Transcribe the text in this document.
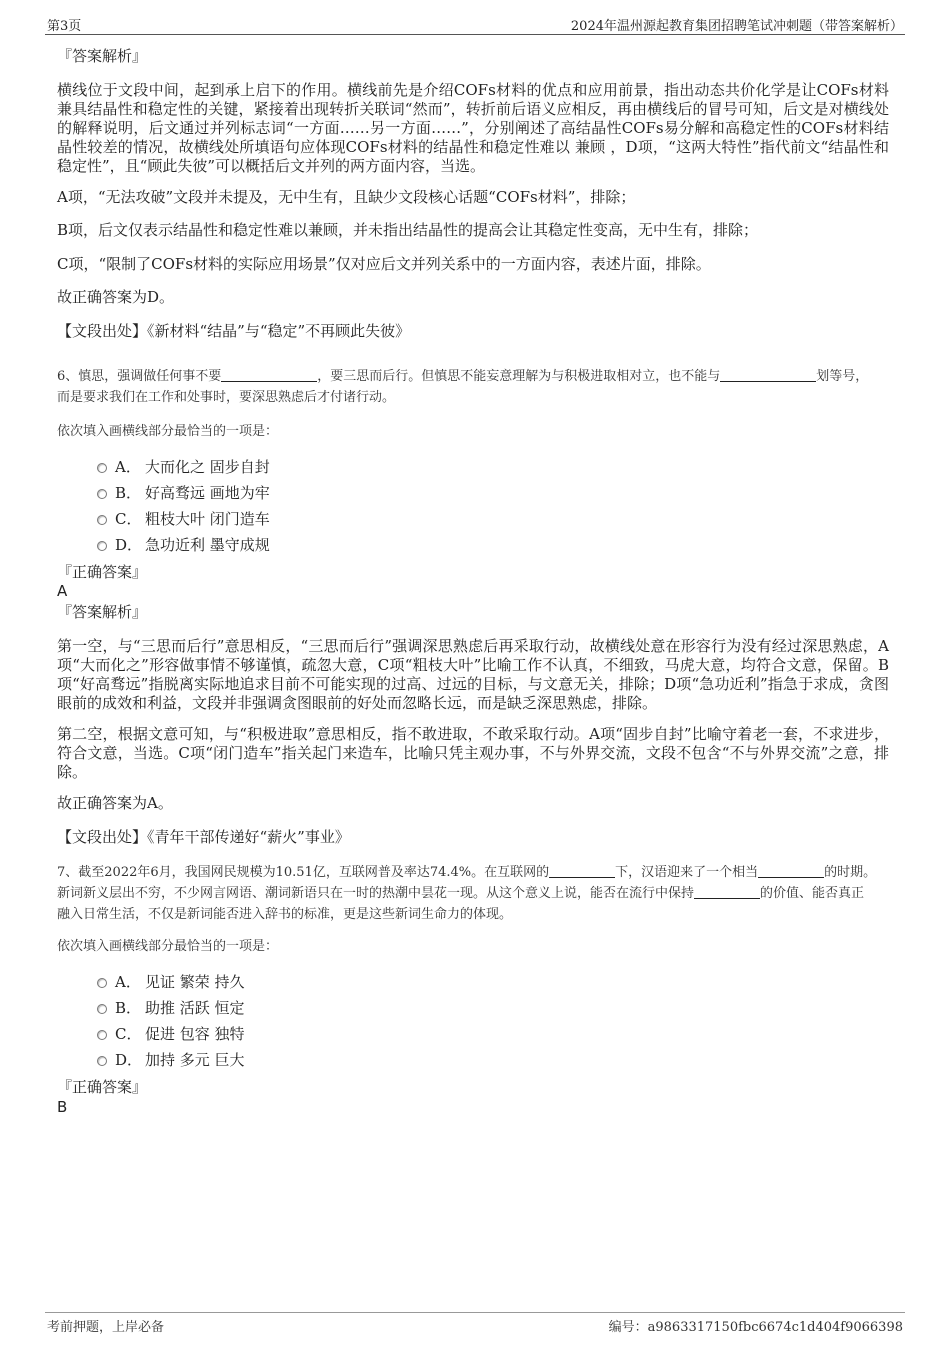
第3页	2024年温州源起教育集团招聘笔试冲刺题（带答案解析）
『答案解析』
横线位于文段中间，起到承上启下的作用。横线前先是介绍COFs材料的优点和应用前景，指出动态共价化学是让COFs材料兼具结晶性和稳定性的关键，紧接着出现转折关联词“然而”，转折前后语义应相反，再由横线后的冒号可知，后文是对横线处的解释说明，后文通过并列标志词“一方面……另一方面……”，分别阐述了高结晶性COFs易分解和高稳定性的COFs材料结晶性较差的情况，故横线处所填语句应体现COFs材料的结晶性和稳定性难以 兼顾 ，D项，“这两大特性”指代前文“结晶性和稳定性”，且“顾此失彼”可以概括后文并列的两方面内容，当选。
A项，“无法攻破”文段并未提及，无中生有，且缺少文段核心话题“COFs材料”，排除；
B项，后文仅表示结晶性和稳定性难以兼顾，并未指出结晶性的提高会让其稳定性变高，无中生有，排除；
C项，“限制了COFs材料的实际应用场景”仅对应后文并列关系中的一方面内容，表述片面，排除。
故正确答案为D。
【文段出处】《新材料“结晶”与“稳定”不再顾此失彼》
6、慎思，强调做任何事不要	，要三思而后行。但慎思不能妄意理解为与积极进取相对立，也不能与	划等号，
而是要求我们在工作和处事时，要深思熟虑后才付诸行动。
依次填入画横线部分最恰当的一项是：
A． 大而化之 固步自封
B． 好高骛远 画地为牢
C． 粗枝大叶 闭门造车
D． 急功近利 墨守成规
『正确答案』
A
『答案解析』
第一空，与“三思而后行”意思相反，“三思而后行”强调深思熟虑后再采取行动，故横线处意在形容行为没有经过深思熟虑，A项“大而化之”形容做事情不够谨慎，疏忽大意，C项“粗枝大叶”比喻工作不认真，不细致，马虎大意，均符合文意，保留。B项“好高骛远”指脱离实际地追求目前不可能实现的过高、过远的目标，与文意无关，排除；D项“急功近利”指急于求成，贪图眼前的成效和利益，文段并非强调贪图眼前的好处而忽略长远，而是缺乏深思熟虑，排除。
第二空，根据文意可知，与“积极进取”意思相反，指不敢进取，不敢采取行动。A项“固步自封”比喻守着老一套，不求进步，符合文意，当选。C项“闭门造车”指关起门来造车，比喻只凭主观办事，不与外界交流，文段不包含“不与外界交流”之意，排除。
故正确答案为A。
【文段出处】《青年干部传递好“薪火”事业》
7、截至2022年6月，我国网民规模为10.51亿，互联网普及率达74.4%。在互联网的	下，汉语迎来了一个相当	的时期。
新词新义层出不穷，不少网言网语、潮词新语只在一时的热潮中昙花一现。从这个意义上说，能否在流行中保持	的价值、能否真正
融入日常生活，不仅是新词能否进入辞书的标准，更是这些新词生命力的体现。
依次填入画横线部分最恰当的一项是：
A． 见证 繁荣 持久
B． 助推 活跃 恒定
C． 促进 包容 独特
D． 加持 多元 巨大
『正确答案』
B
考前押题，上岸必备	编号：a9863317150fbc6674c1d404f9066398
